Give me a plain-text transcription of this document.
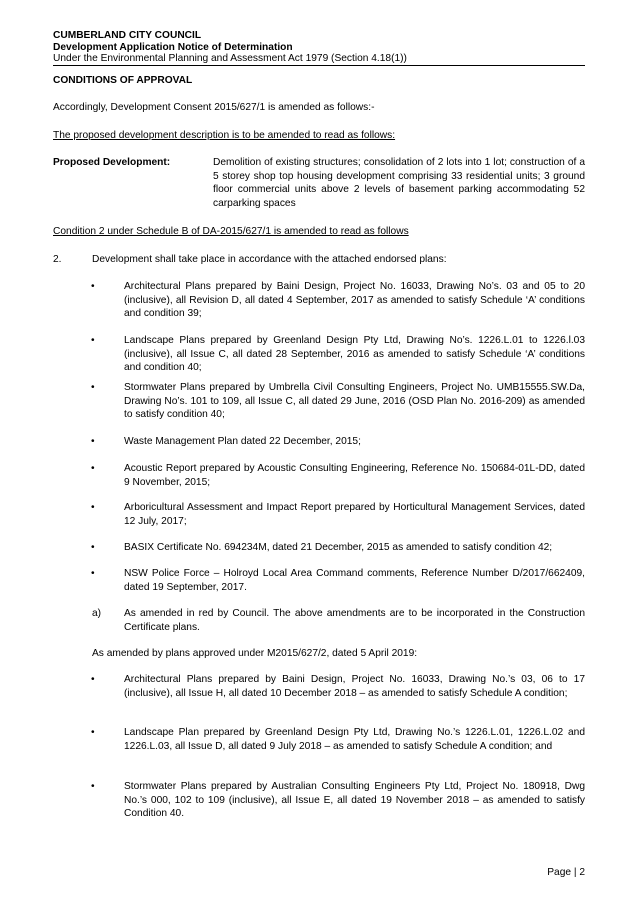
CUMBERLAND CITY COUNCIL
Development Application Notice of Determination
Under the Environmental Planning and Assessment Act 1979 (Section 4.18(1))
CONDITIONS OF APPROVAL
Accordingly, Development Consent 2015/627/1 is amended as follows:-
The proposed development description is to be amended to read as follows:
Proposed Development:	Demolition of existing structures; consolidation of 2 lots into 1 lot; construction of a 5 storey shop top housing development comprising 33 residential units; 3 ground floor commercial units above 2 levels of basement parking accommodating 52 carparking spaces
Condition 2 under Schedule B of DA-2015/627/1 is amended to read as follows
2.	Development shall take place in accordance with the attached endorsed plans:
•	Architectural Plans prepared by Baini Design, Project No. 16033, Drawing No’s. 03 and 05 to 20 (inclusive), all Revision D, all dated 4 September, 2017 as amended to satisfy Schedule ‘A’ conditions and condition 39;
•	Landscape Plans prepared by Greenland Design Pty Ltd, Drawing No’s. 1226.L.01 to 1226.l.03 (inclusive), all Issue C, all dated 28 September, 2016 as amended to satisfy Schedule ‘A’ conditions and condition 40;
•	Stormwater Plans prepared by Umbrella Civil Consulting Engineers, Project No. UMB15555.SW.Da, Drawing No’s. 101 to 109, all Issue C, all dated 29 June, 2016 (OSD Plan No. 2016-209) as amended to satisfy condition 40;
•	Waste Management Plan dated 22 December, 2015;
•	Acoustic Report prepared by Acoustic Consulting Engineering, Reference No. 150684-01L-DD, dated 9 November, 2015;
•	Arboricultural Assessment and Impact Report prepared by Horticultural Management Services, dated 12 July, 2017;
•	BASIX Certificate No. 694234M, dated 21 December, 2015 as amended to satisfy condition 42;
•	NSW Police Force – Holroyd Local Area Command comments, Reference Number D/2017/662409, dated 19 September, 2017.
a) As amended in red by Council. The above amendments are to be incorporated in the Construction Certificate plans.
As amended by plans approved under M2015/627/2, dated 5 April 2019:
•	Architectural Plans prepared by Baini Design, Project No. 16033, Drawing No.’s 03, 06 to 17 (inclusive), all Issue H, all dated 10 December 2018 – as amended to satisfy Schedule A condition;
•	Landscape Plan prepared by Greenland Design Pty Ltd, Drawing No.’s 1226.L.01, 1226.L.02 and 1226.L.03, all Issue D, all dated 9 July 2018 – as amended to satisfy Schedule A condition; and
•	Stormwater Plans prepared by Australian Consulting Engineers Pty Ltd, Project No. 180918, Dwg No.’s 000, 102 to 109 (inclusive), all Issue E, all dated 19 November 2018 – as amended to satisfy Condition 40.
Page | 2
